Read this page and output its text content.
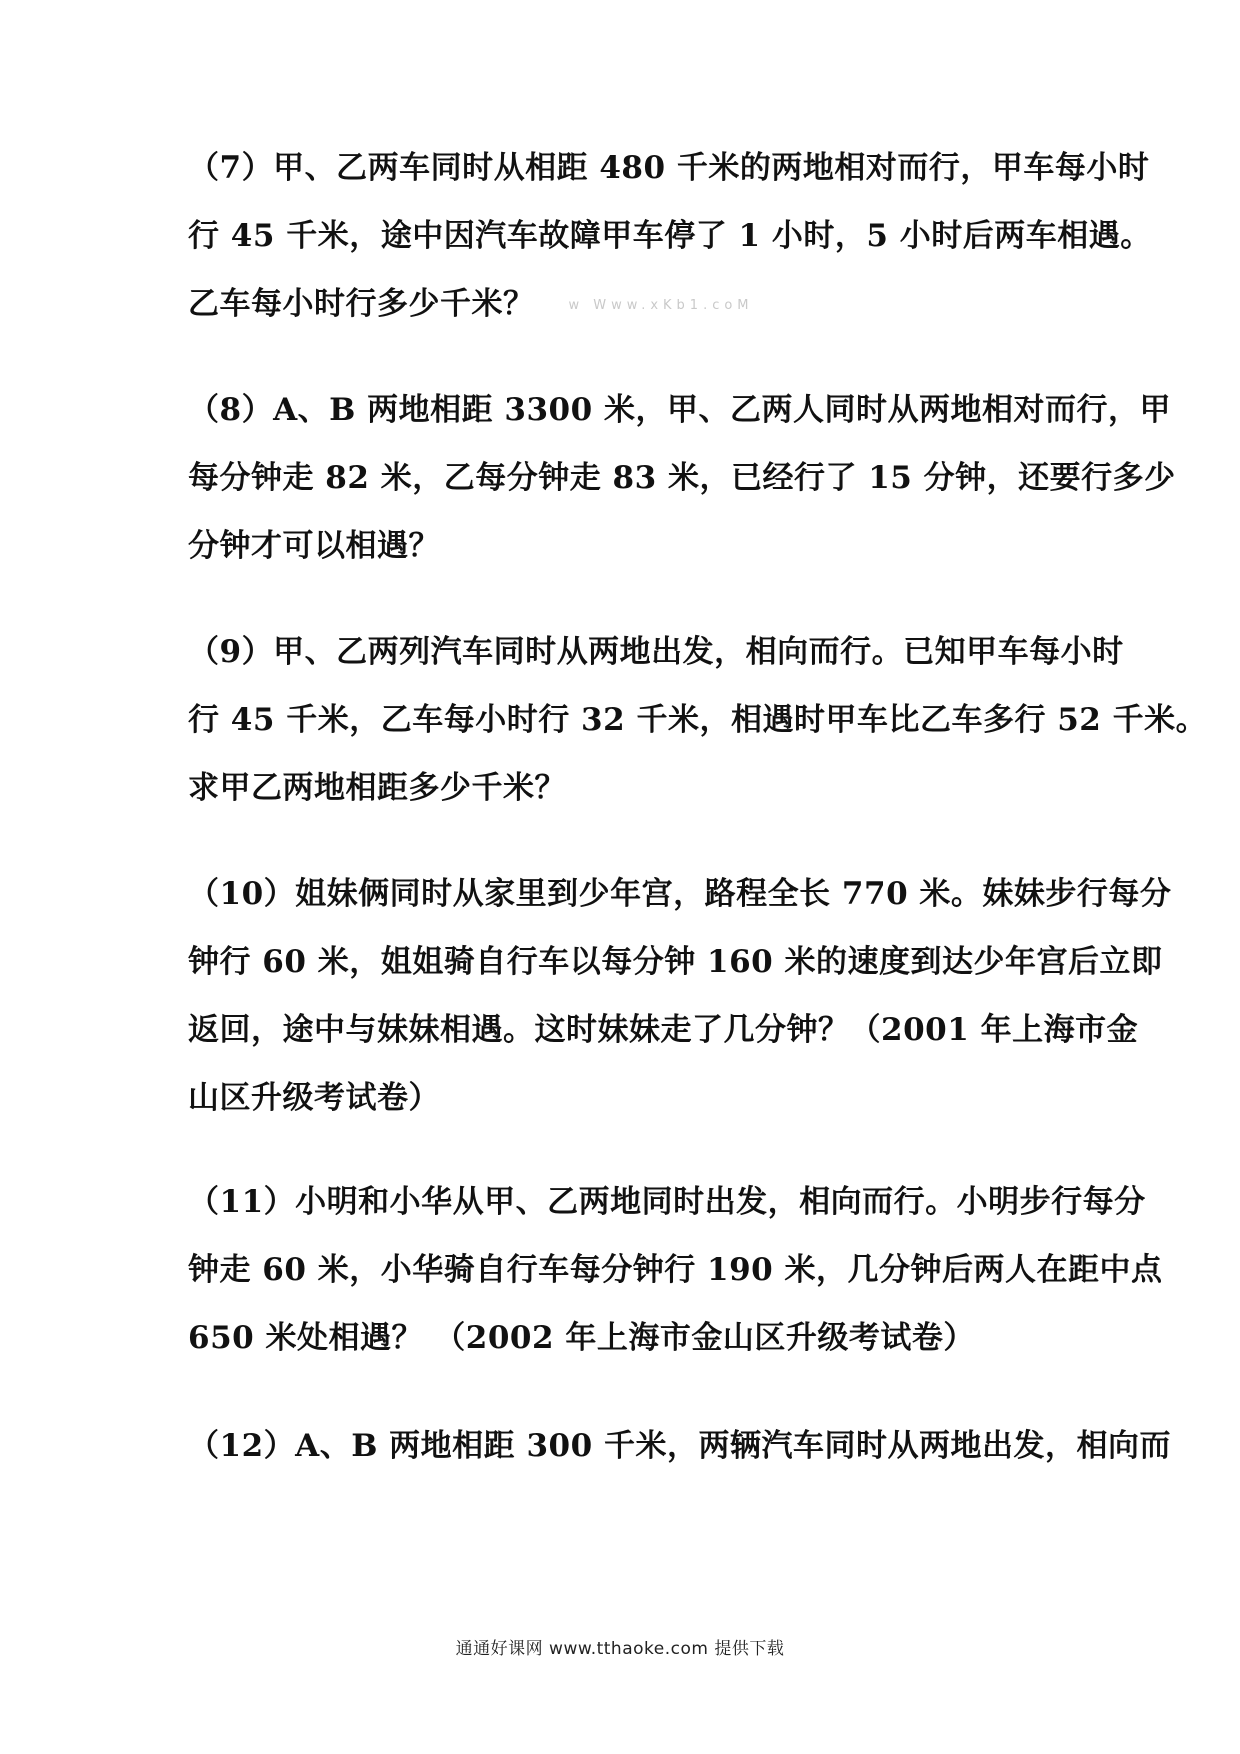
（7）甲、乙两车同时从相距 480 千米的两地相对而行，甲车每小时
行 45 千米，途中因汽车故障甲车停了 1 小时，5 小时后两车相遇。
乙车每小时行多少千米？	w Www.xKb1.coM
（8）A、B 两地相距 3300 米，甲、乙两人同时从两地相对而行，甲
每分钟走 82 米，乙每分钟走 83 米，已经行了 15 分钟，还要行多少
分钟才可以相遇？
（9）甲、乙两列汽车同时从两地出发，相向而行。已知甲车每小时
行 45 千米，乙车每小时行 32 千米，相遇时甲车比乙车多行 52 千米。
求甲乙两地相距多少千米？
（10）姐妹俩同时从家里到少年宫，路程全长 770 米。妹妹步行每分
钟行 60 米，姐姐骑自行车以每分钟 160 米的速度到达少年宫后立即
返回，途中与妹妹相遇。这时妹妹走了几分钟？（2001 年上海市金
山区升级考试卷）
（11）小明和小华从甲、乙两地同时出发，相向而行。小明步行每分
钟走 60 米，小华骑自行车每分钟行 190 米，几分钟后两人在距中点
650 米处相遇？ （2002 年上海市金山区升级考试卷）
（12）A、B 两地相距 300 千米，两辆汽车同时从两地出发，相向而
通通好课网 www.tthaoke.com 提供下载
